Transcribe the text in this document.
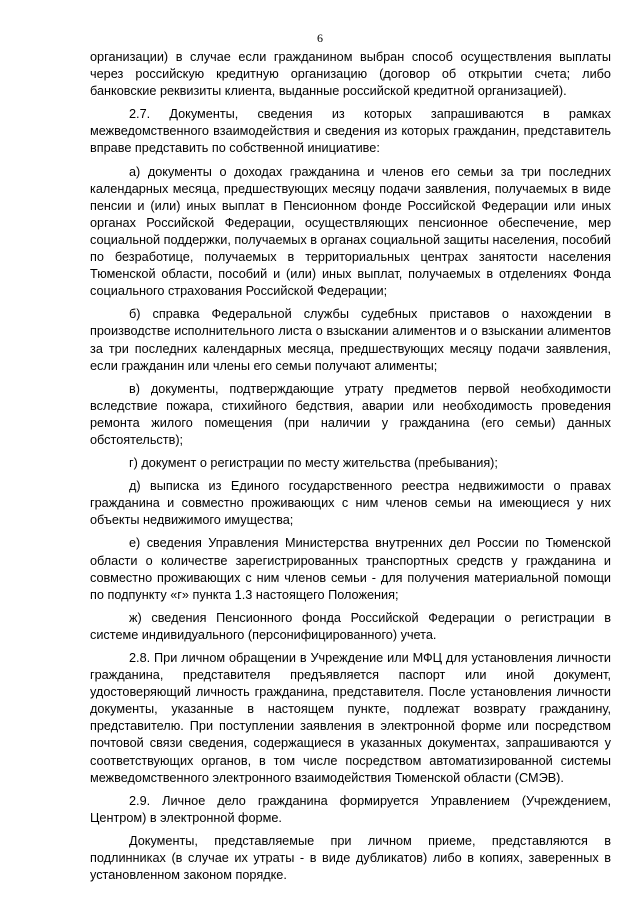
6

организации) в случае если гражданином выбран способ осуществления выплаты через российскую кредитную организацию (договор об открытии счета; либо банковские реквизиты клиента, выданные российской кредитной организацией).

2.7. Документы, сведения из которых запрашиваются в рамках межведомственного взаимодействия и сведения из которых гражданин, представитель вправе представить по собственной инициативе:

а) документы о доходах гражданина и членов его семьи за три последних календарных месяца, предшествующих месяцу подачи заявления, получаемых в виде пенсии и (или) иных выплат в Пенсионном фонде Российской Федерации или иных органах Российской Федерации, осуществляющих пенсионное обеспечение, мер социальной поддержки, получаемых в органах социальной защиты населения, пособий по безработице, получаемых в территориальных центрах занятости населения Тюменской области, пособий и (или) иных выплат, получаемых в отделениях Фонда социального страхования Российской Федерации;

б) справка Федеральной службы судебных приставов о нахождении в производстве исполнительного листа о взыскании алиментов и о взыскании алиментов за три последних календарных месяца, предшествующих месяцу подачи заявления, если гражданин или члены его семьи получают алименты;

в) документы, подтверждающие утрату предметов первой необходимости вследствие пожара, стихийного бедствия, аварии или необходимость проведения ремонта жилого помещения (при наличии у гражданина (его семьи) данных обстоятельств);

г) документ о регистрации по месту жительства (пребывания);

д) выписка из Единого государственного реестра недвижимости о правах гражданина и совместно проживающих с ним членов семьи на имеющиеся у них объекты недвижимого имущества;

е) сведения Управления Министерства внутренних дел России по Тюменской области о количестве зарегистрированных транспортных средств у гражданина и совместно проживающих с ним членов семьи - для получения материальной помощи по подпункту «г» пункта 1.3 настоящего Положения;

ж) сведения Пенсионного фонда Российской Федерации о регистрации в системе индивидуального (персонифицированного) учета.

2.8. При личном обращении в Учреждение или МФЦ для установления личности гражданина, представителя предъявляется паспорт или иной документ, удостоверяющий личность гражданина, представителя. После установления личности документы, указанные в настоящем пункте, подлежат возврату гражданину, представителю. При поступлении заявления в электронной форме или посредством почтовой связи сведения, содержащиеся в указанных документах, запрашиваются у соответствующих органов, в том числе посредством автоматизированной системы межведомственного электронного взаимодействия Тюменской области (СМЭВ).

2.9. Личное дело гражданина формируется Управлением (Учреждением, Центром) в электронной форме.

Документы, представляемые при личном приеме, представляются в подлинниках (в случае их утраты - в виде дубликатов) либо в копиях, заверенных в установленном законом порядке.
